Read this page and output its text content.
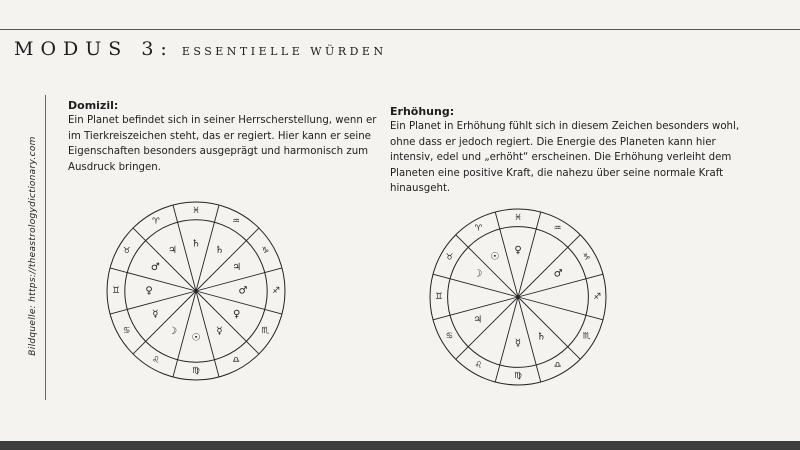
MODUS 3: ESSENTIELLE WÜRDEN
Bildquelle: https://theastrologydictionary.com
Domizil:

Ein Planet befindet sich in seiner Herrscherstellung, wenn er im Tierkreiszeichen steht, das er regiert. Hier kann er seine Eigenschaften besonders ausgeprägt und harmonisch zum Ausdruck bringen.

Erhöhung:

Ein Planet in Erhöhung fühlt sich in diesem Zeichen besonders wohl, ohne dass er jedoch regiert. Die Energie des Planeten kann hier intensiv, edel und „erhöht“ erscheinen. Die Erhöhung verleiht dem Planeten eine positive Kraft, die nahezu über seine normale Kraft hinausgeht.

♓
♄
♒
♄	♑
♃
♐
♂
♏
♀
♎
☿
♍
☉
♌
☽
♋
☿
♊	♀
♉
♂
♈
♃
♓
♀
♒
♑
♂
♐
♏
♎
♄
♍
☿
♌
♋
♃
♊
♉
☽
♈
☉
